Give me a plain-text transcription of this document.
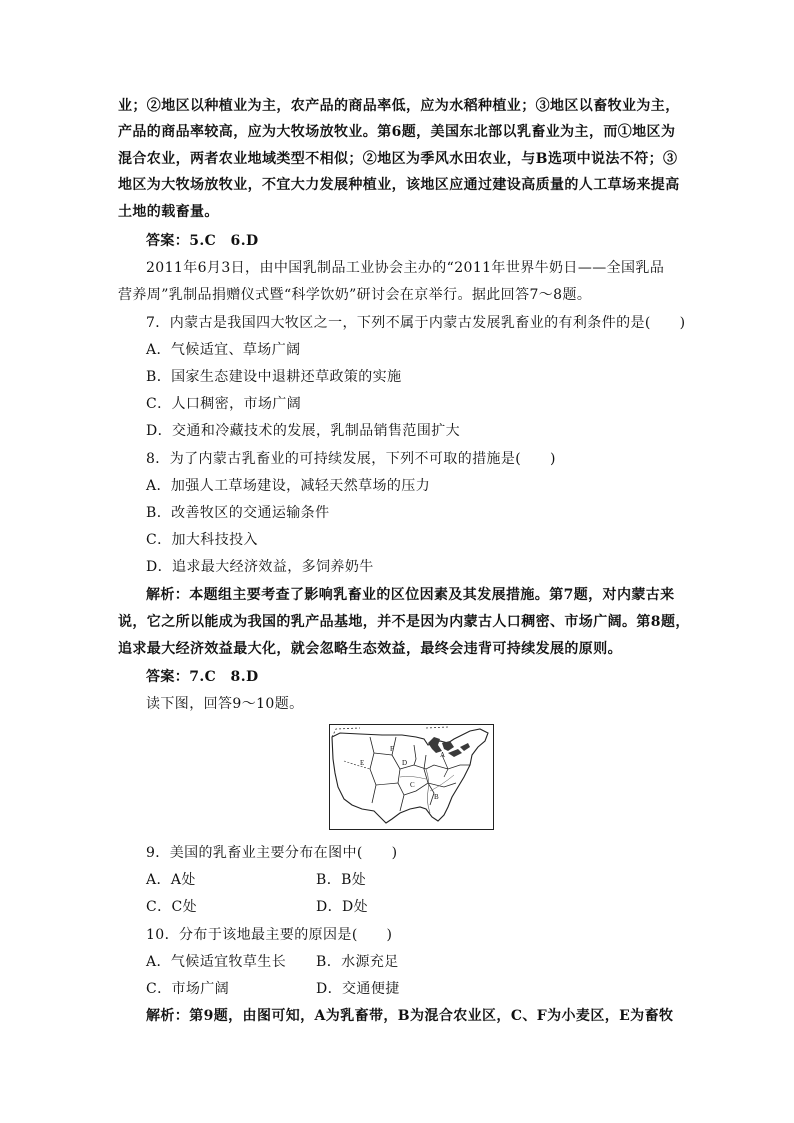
业；②地区以种植业为主，农产品的商品率低，应为水稻种植业；③地区以畜牧业为主，
产品的商品率较高，应为大牧场放牧业。第6题，美国东北部以乳畜业为主，而①地区为
混合农业，两者农业地域类型不相似；②地区为季风水田农业，与B选项中说法不符；③
地区为大牧场放牧业，不宜大力发展种植业，该地区应通过建设高质量的人工草场来提高
土地的载畜量。
答案：5.C　6.D
2011年6月3日，由中国乳制品工业协会主办的“2011年世界牛奶日——全国乳品
营养周”乳制品捐赠仪式暨“科学饮奶”研讨会在京举行。据此回答7～8题。
7．内蒙古是我国四大牧区之一，下列不属于内蒙古发展乳畜业的有利条件的是(　　)
A．气候适宜、草场广阔
B．国家生态建设中退耕还草政策的实施
C．人口稠密，市场广阔
D．交通和冷藏技术的发展，乳制品销售范围扩大
8．为了内蒙古乳畜业的可持续发展，下列不可取的措施是(　　)
A．加强人工草场建设，减轻天然草场的压力
B．改善牧区的交通运输条件
C．加大科技投入
D．追求最大经济效益，多饲养奶牛
解析：本题组主要考查了影响乳畜业的区位因素及其发展措施。第7题，对内蒙古来
说，它之所以能成为我国的乳产品基地，并不是因为内蒙古人口稠密、市场广阔。第8题，
追求最大经济效益最大化，就会忽略生态效益，最终会违背可持续发展的原则。
答案：7.C　8.D
读下图，回答9～10题。
E	D
A
F
C
B
9．美国的乳畜业主要分布在图中(　　)
A．A处	B．B处
C．C处	D．D处
10．分布于该地最主要的原因是(　　)
A．气候适宜牧草生长 B．水源充足
C．市场广阔	D．交通便捷
解析：第9题，由图可知，A为乳畜带，B为混合农业区，C、F为小麦区，E为畜牧
